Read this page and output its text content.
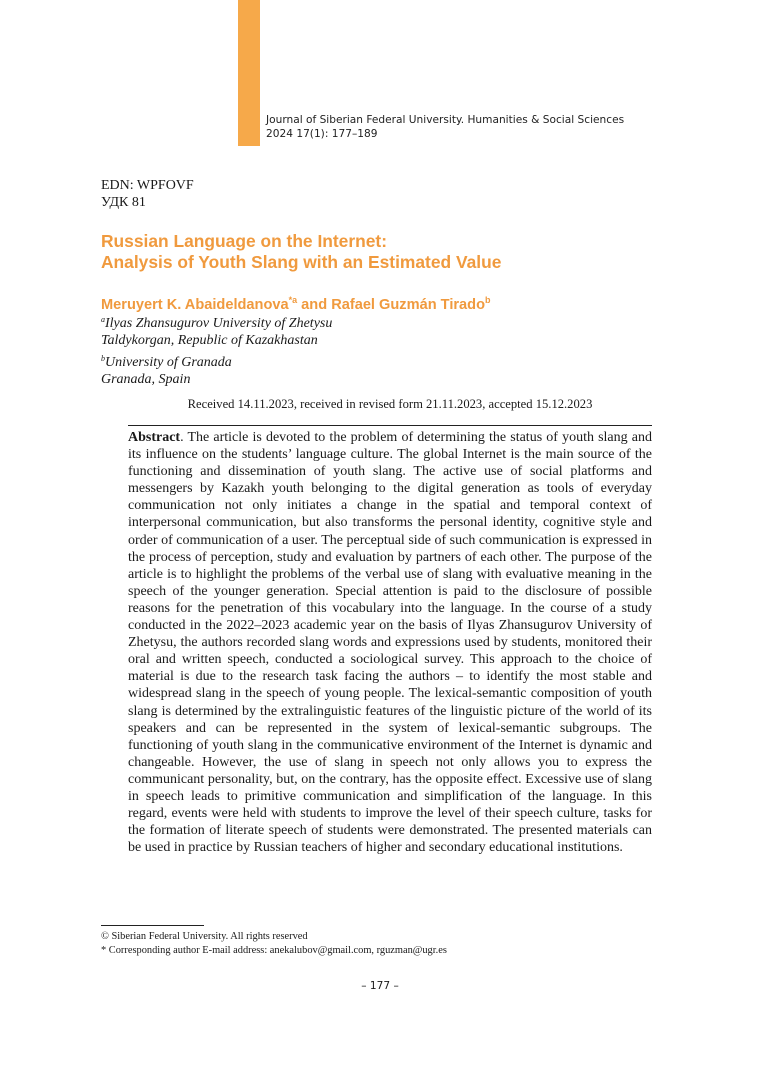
Journal of Siberian Federal University. Humanities & Social Sciences
2024 17(1): 177–189
EDN: WPFOVF
УДК 81
Russian Language on the Internet:
Analysis of Youth Slang with an Estimated Value
Meruyert K. Abaideldanova$^{*a}$ and Rafael Guzmán Tirado$^b$
$^a$Ilyas Zhansugurov University of Zhetysu
Taldykorgan, Republic of Kazakhastan
$^b$University of Granada
Granada, Spain
Received 14.11.2023, received in revised form 21.11.2023, accepted 15.12.2023

Abstract. The article is devoted to the problem of determining the status of youth slang and its influence on the students’ language culture. The global Internet is the main source of the functioning and dissemination of youth slang. The active use of social platforms and messengers by Kazakh youth belonging to the digital generation as tools of everyday communication not only initiates a change in the spatial and temporal context of interpersonal communication, but also transforms the personal identity, cognitive style and order of communication of a user. The perceptual side of such communication is expressed in the process of perception, study and evaluation by partners of each other. The purpose of the article is to highlight the problems of the verbal use of slang with evaluative meaning in the speech of the younger generation. Special attention is paid to the disclosure of possible reasons for the penetration of this vocabulary into the language. In the course of a study conducted in the 2022–2023 academic year on the basis of Ilyas Zhansugurov University of Zhetysu, the authors recorded slang words and expressions used by students, monitored their oral and written speech, conducted a sociological survey. This approach to the choice of material is due to the research task facing the authors – to identify the most stable and widespread slang in the speech of young people. The lexical-semantic composition of youth slang is determined by the extralinguistic features of the linguistic picture of the world of its speakers and can be represented in the system of lexical-semantic subgroups. The functioning of youth slang in the communicative environment of the Internet is dynamic and changeable. However, the use of slang in speech not only allows you to express the communicant personality, but, on the contrary, has the opposite effect. Excessive use of slang in speech leads to primitive communication and simplification of the language. In this regard, events were held with students to improve the level of their speech culture, tasks for the formation of literate speech of students were demonstrated. The presented materials can be used in practice by Russian teachers of higher and secondary educational institutions.

© Siberian Federal University. All rights reserved
* Corresponding author E-mail address: anekalubov@gmail.com, rguzman@ugr.es
– 177 –
